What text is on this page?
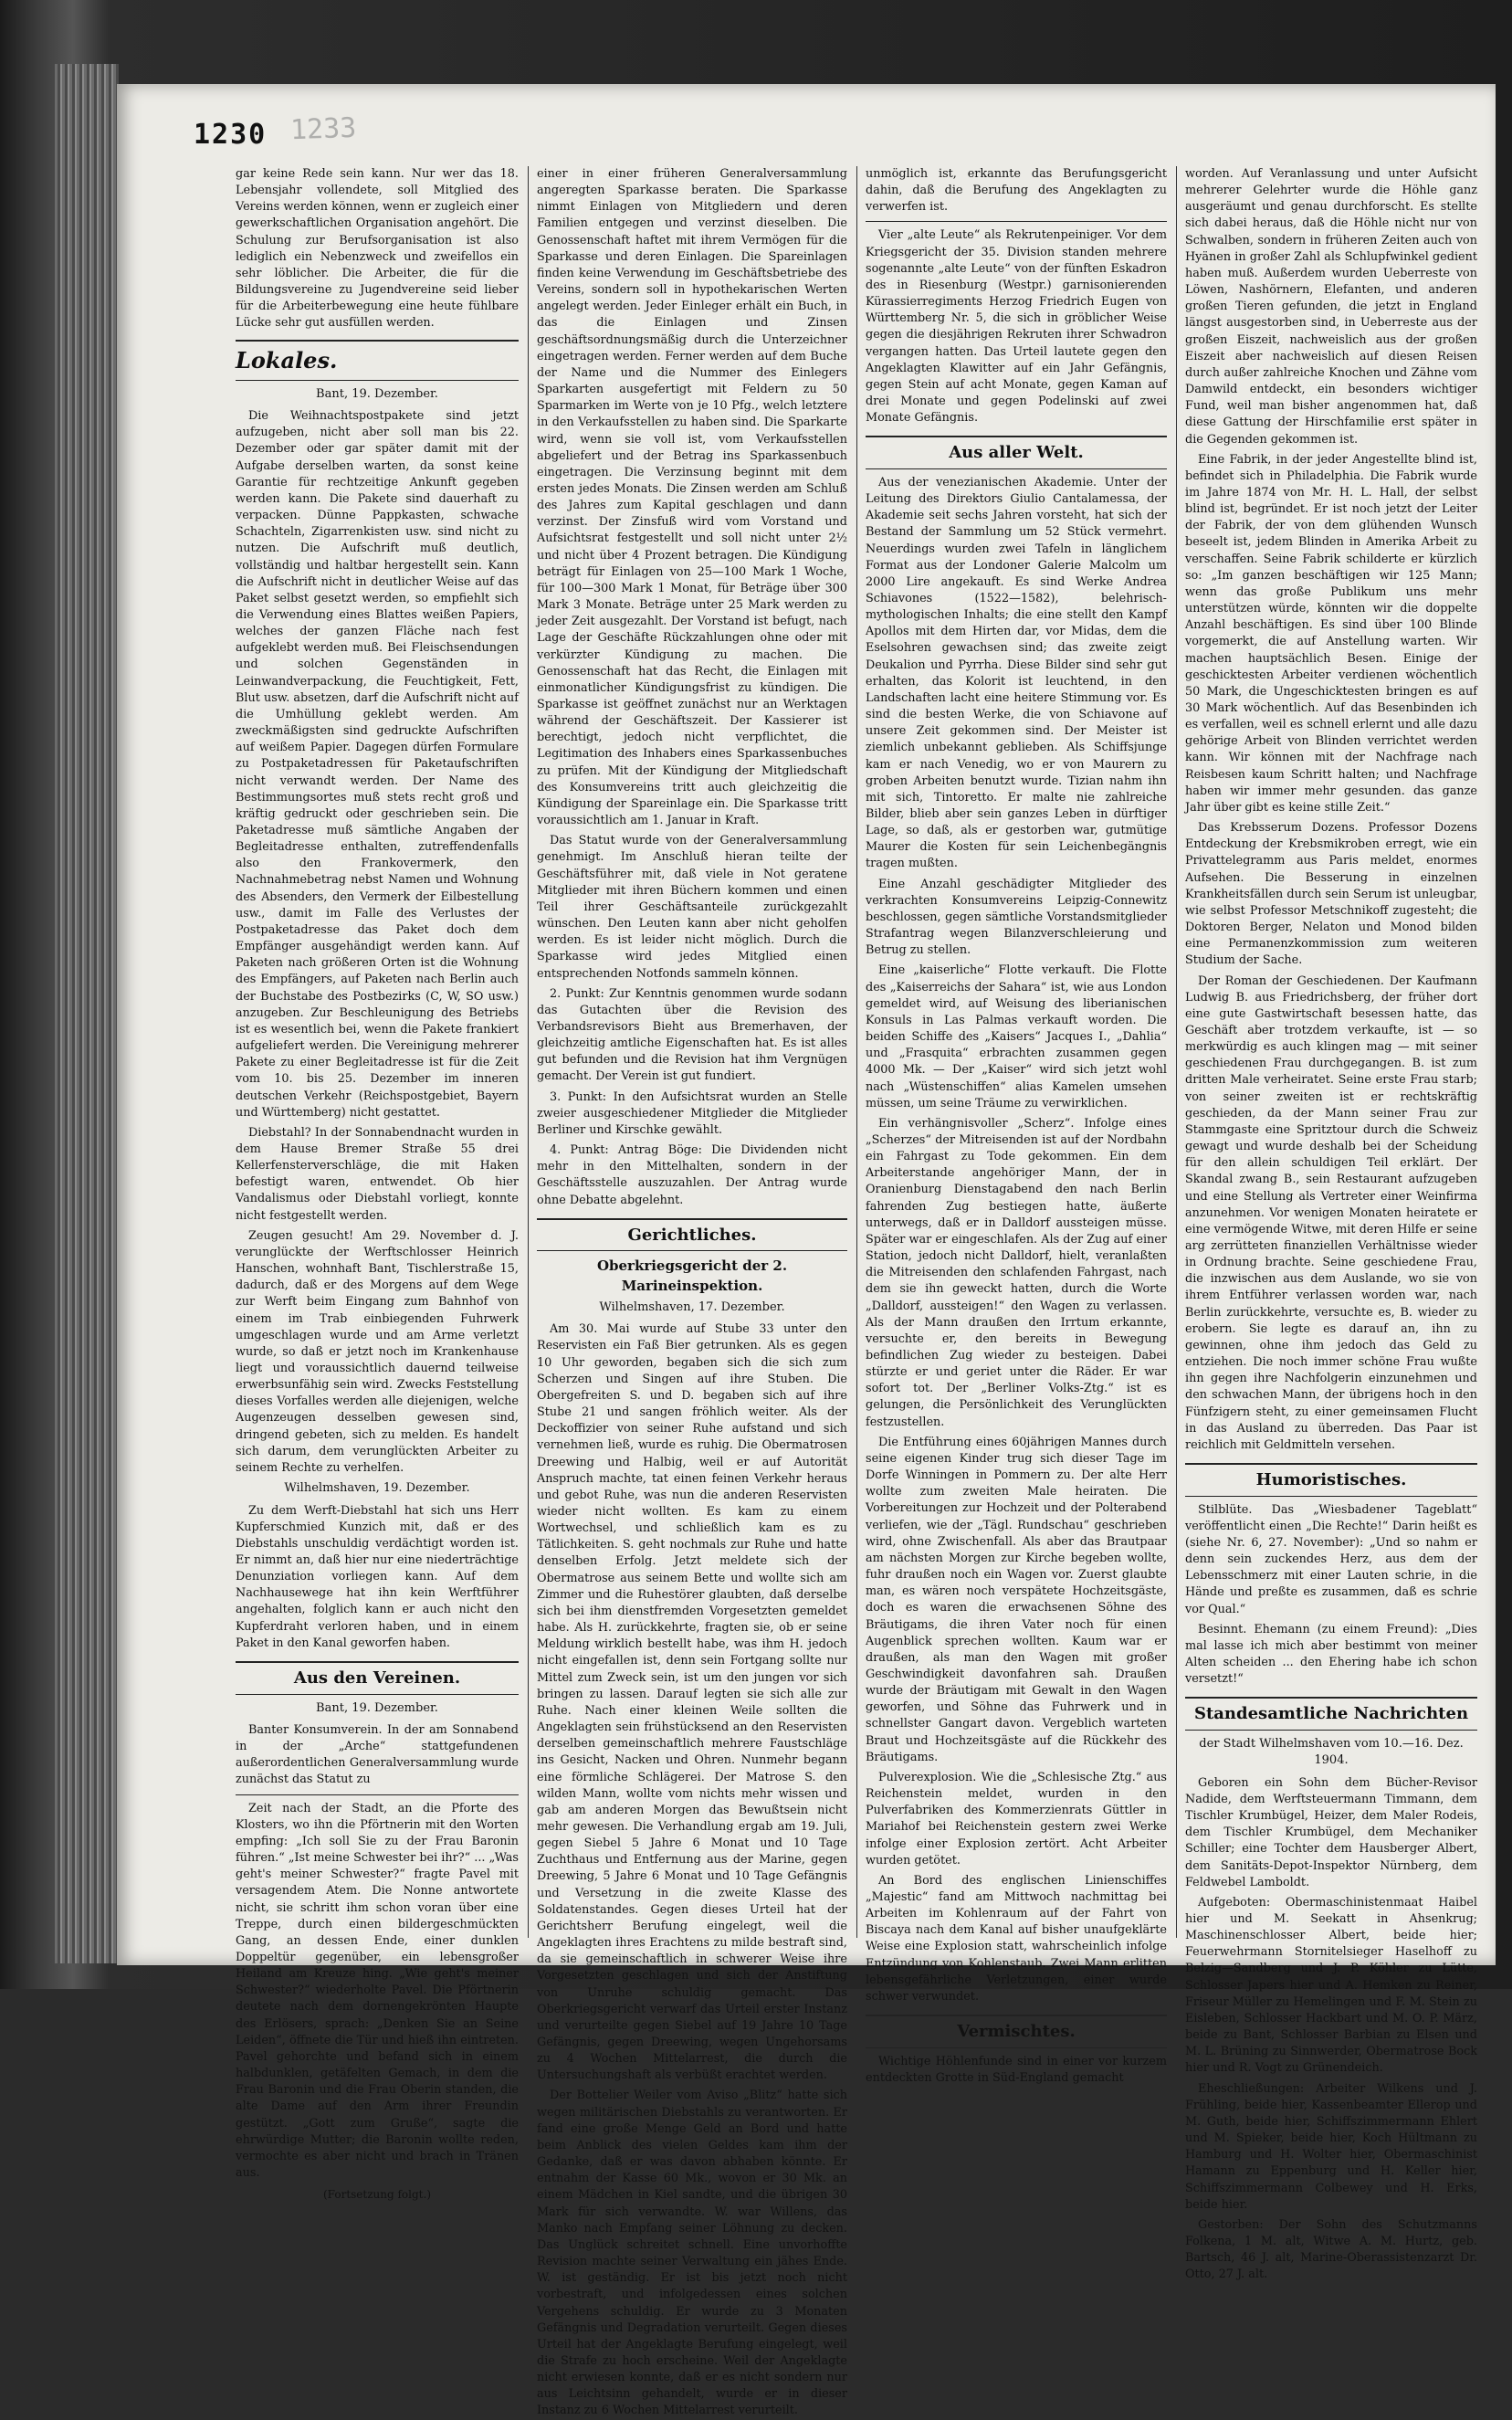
1230 1233

gar keine Rede sein kann. Nur wer das 18. Lebensjahr vollendete, soll Mitglied des Vereins werden können, wenn er zugleich einer gewerkschaftlichen Organisation angehört. Die Schulung zur Berufsorganisation ist also lediglich ein Nebenzweck und zweifellos ein sehr löblicher. Die Arbeiter, die für die Bildungsvereine zu Jugendvereine seid lieber für die Arbeiterbewegung eine heute fühlbare Lücke sehr gut ausfüllen werden.

Lokales.

Bant, 19. Dezember.

Die Weihnachtspostpakete sind jetzt aufzugeben, nicht aber soll man bis 22. Dezember oder gar später damit mit der Aufgabe derselben warten, da sonst keine Garantie für rechtzeitige Ankunft gegeben werden kann. Die Pakete sind dauerhaft zu verpacken. Dünne Pappkasten, schwache Schachteln, Zigarrenkisten usw. sind nicht zu nutzen. Die Aufschrift muß deutlich, vollständig und haltbar hergestellt sein. Kann die Aufschrift nicht in deutlicher Weise auf das Paket selbst gesetzt werden, so empfiehlt sich die Verwendung eines Blattes weißen Papiers, welches der ganzen Fläche nach fest aufgeklebt werden muß. Bei Fleischsendungen und solchen Gegenständen in Leinwandverpackung, die Feuchtigkeit, Fett, Blut usw. absetzen, darf die Aufschrift nicht auf die Umhüllung geklebt werden. Am zweckmäßigsten sind gedruckte Aufschriften auf weißem Papier. Dagegen dürfen Formulare zu Postpaketadressen für Paketaufschriften nicht verwandt werden. Der Name des Bestimmungsortes muß stets recht groß und kräftig gedruckt oder geschrieben sein. Die Paketadresse muß sämtliche Angaben der Begleitadresse enthalten, zutreffendenfalls also den Frankovermerk, den Nachnahmebetrag nebst Namen und Wohnung des Absenders, den Vermerk der Eilbestellung usw., damit im Falle des Verlustes der Postpaketadresse das Paket doch dem Empfänger ausgehändigt werden kann. Auf Paketen nach größeren Orten ist die Wohnung des Empfängers, auf Paketen nach Berlin auch der Buchstabe des Postbezirks (C, W, SO usw.) anzugeben. Zur Beschleunigung des Betriebs ist es wesentlich bei, wenn die Pakete frankiert aufgeliefert werden. Die Vereinigung mehrerer Pakete zu einer Begleitadresse ist für die Zeit vom 10. bis 25. Dezember im inneren deutschen Verkehr (Reichspostgebiet, Bayern und Württemberg) nicht gestattet.

Diebstahl? In der Sonnabendnacht wurden in dem Hause Bremer Straße 55 drei Kellerfensterverschläge, die mit Haken befestigt waren, entwendet. Ob hier Vandalismus oder Diebstahl vorliegt, konnte nicht festgestellt werden.

Zeugen gesucht! Am 29. November d. J. verunglückte der Werftschlosser Heinrich Hanschen, wohnhaft Bant, Tischlerstraße 15, dadurch, daß er des Morgens auf dem Wege zur Werft beim Eingang zum Bahnhof von einem im Trab einbiegenden Fuhrwerk umgeschlagen wurde und am Arme verletzt wurde, so daß er jetzt noch im Krankenhause liegt und voraussichtlich dauernd teilweise erwerbsunfähig sein wird. Zwecks Feststellung dieses Vorfalles werden alle diejenigen, welche Augenzeugen desselben gewesen sind, dringend gebeten, sich zu melden. Es handelt sich darum, dem verunglückten Arbeiter zu seinem Rechte zu verhelfen.

Wilhelmshaven, 19. Dezember.

Zu dem Werft-Diebstahl hat sich uns Herr Kupferschmied Kunzich mit, daß er des Diebstahls unschuldig verdächtigt worden ist. Er nimmt an, daß hier nur eine niederträchtige Denunziation vorliegen kann. Auf dem Nachhausewege hat ihn kein Werftführer angehalten, folglich kann er auch nicht den Kupferdraht verloren haben, und in einem Paket in den Kanal geworfen haben.

Aus den Vereinen.

Bant, 19. Dezember.

Banter Konsumverein. In der am Sonnabend in der „Arche“ stattgefundenen außerordentlichen Generalversammlung wurde zunächst das Statut zu

Zeit nach der Stadt, an die Pforte des Klosters, wo ihn die Pförtnerin mit den Worten empfing: „Ich soll Sie zu der Frau Baronin führen.“ „Ist meine Schwester bei ihr?“ ... „Was geht's meiner Schwester?“ fragte Pavel mit versagendem Atem. Die Nonne antwortete nicht, sie schritt ihm schon voran über eine Treppe, durch einen bildergeschmückten Gang, an dessen Ende, einer dunklen Doppeltür gegenüber, ein lebensgroßer Heiland am Kreuze hing. „Wie geht's meiner Schwester?“ wiederholte Pavel. Die Pförtnerin deutete nach dem dornengekrönten Haupte des Erlösers, sprach: „Denken Sie an Seine Leiden“, öffnete die Tür und hieß ihn eintreten. Pavel gehorchte und befand sich in einem halbdunklen, getäfelten Gemach, in dem die Frau Baronin und die Frau Oberin standen, die alte Dame auf den Arm ihrer Freundin gestützt. „Gott zum Gruße“, sagte die ehrwürdige Mutter; die Baronin wollte reden, vermochte es aber nicht und brach in Tränen aus.

(Fortsetzung folgt.)

einer in einer früheren Generalversammlung angeregten Sparkasse beraten. Die Sparkasse nimmt Einlagen von Mitgliedern und deren Familien entgegen und verzinst dieselben. Die Genossenschaft haftet mit ihrem Vermögen für die Sparkasse und deren Einlagen. Die Spareinlagen finden keine Verwendung im Geschäftsbetriebe des Vereins, sondern soll in hypothekarischen Werten angelegt werden. Jeder Einleger erhält ein Buch, in das die Einlagen und Zinsen geschäftsordnungsmäßig durch die Unterzeichner eingetragen werden. Ferner werden auf dem Buche der Name und die Nummer des Einlegers Sparkarten ausgefertigt mit Feldern zu 50 Sparmarken im Werte von je 10 Pfg., welch letztere in den Verkaufsstellen zu haben sind. Die Sparkarte wird, wenn sie voll ist, vom Verkaufsstellen abgeliefert und der Betrag ins Sparkassenbuch eingetragen. Die Verzinsung beginnt mit dem ersten jedes Monats. Die Zinsen werden am Schluß des Jahres zum Kapital geschlagen und dann verzinst. Der Zinsfuß wird vom Vorstand und Aufsichtsrat festgestellt und soll nicht unter 2½ und nicht über 4 Prozent betragen. Die Kündigung beträgt für Einlagen von 25—100 Mark 1 Woche, für 100—300 Mark 1 Monat, für Beträge über 300 Mark 3 Monate. Beträge unter 25 Mark werden zu jeder Zeit ausgezahlt. Der Vorstand ist befugt, nach Lage der Geschäfte Rückzahlungen ohne oder mit verkürzter Kündigung zu machen. Die Genossenschaft hat das Recht, die Einlagen mit einmonatlicher Kündigungsfrist zu kündigen. Die Sparkasse ist geöffnet zunächst nur an Werktagen während der Geschäftszeit. Der Kassierer ist berechtigt, jedoch nicht verpflichtet, die Legitimation des Inhabers eines Sparkassenbuches zu prüfen. Mit der Kündigung der Mitgliedschaft des Konsumvereins tritt auch gleichzeitig die Kündigung der Spareinlage ein. Die Sparkasse tritt voraussichtlich am 1. Januar in Kraft.

Das Statut wurde von der Generalversammlung genehmigt. Im Anschluß hieran teilte der Geschäftsführer mit, daß viele in Not geratene Mitglieder mit ihren Büchern kommen und einen Teil ihrer Geschäftsanteile zurückgezahlt wünschen. Den Leuten kann aber nicht geholfen werden. Es ist leider nicht möglich. Durch die Sparkasse wird jedes Mitglied einen entsprechenden Notfonds sammeln können.

2. Punkt: Zur Kenntnis genommen wurde sodann das Gutachten über die Revision des Verbandsrevisors Bieht aus Bremerhaven, der gleichzeitig amtliche Eigenschaften hat. Es ist alles gut befunden und die Revision hat ihm Vergnügen gemacht. Der Verein ist gut fundiert.

3. Punkt: In den Aufsichtsrat wurden an Stelle zweier ausgeschiedener Mitglieder die Mitglieder Berliner und Kirschke gewählt.

4. Punkt: Antrag Böge: Die Dividenden nicht mehr in den Mittelhalten, sondern in der Geschäftsstelle auszuzahlen. Der Antrag wurde ohne Debatte abgelehnt.

Gerichtliches.

Oberkriegsgericht der 2. Marineinspektion.

Wilhelmshaven, 17. Dezember.

Am 30. Mai wurde auf Stube 33 unter den Reservisten ein Faß Bier getrunken. Als es gegen 10 Uhr geworden, begaben sich die sich zum Scherzen und Singen auf ihre Stuben. Die Obergefreiten S. und D. begaben sich auf ihre Stube 21 und sangen fröhlich weiter. Als der Deckoffizier von seiner Ruhe aufstand und sich vernehmen ließ, wurde es ruhig. Die Obermatrosen Dreewing und Halbig, weil er auf Autorität Anspruch machte, tat einen feinen Verkehr heraus und gebot Ruhe, was nun die anderen Reservisten wieder nicht wollten. Es kam zu einem Wortwechsel, und schließlich kam es zu Tätlichkeiten. S. geht nochmals zur Ruhe und hatte denselben Erfolg. Jetzt meldete sich der Obermatrose aus seinem Bette und wollte sich am Zimmer und die Ruhestörer glaubten, daß derselbe sich bei ihm dienstfremden Vorgesetzten gemeldet habe. Als H. zurückkehrte, fragten sie, ob er seine Meldung wirklich bestellt habe, was ihm H. jedoch nicht eingefallen ist, denn sein Fortgang sollte nur Mittel zum Zweck sein, ist um den jungen vor sich bringen zu lassen. Darauf legten sie sich alle zur Ruhe. Nach einer kleinen Weile sollten die Angeklagten sein frühstücksend an den Reservisten derselben gemeinschaftlich mehrere Faustschläge ins Gesicht, Nacken und Ohren. Nunmehr begann eine förmliche Schlägerei. Der Matrose S. den wilden Mann, wollte vom nichts mehr wissen und gab am anderen Morgen das Bewußtsein nicht mehr gewesen. Die Verhandlung ergab am 19. Juli, gegen Siebel 5 Jahre 6 Monat und 10 Tage Zuchthaus und Entfernung aus der Marine, gegen Dreewing, 5 Jahre 6 Monat und 10 Tage Gefängnis und Versetzung in die zweite Klasse des Soldatenstandes. Gegen dieses Urteil hat der Gerichtsherr Berufung eingelegt, weil die Angeklagten ihres Erachtens zu milde bestraft sind, da sie gemeinschaftlich in schwerer Weise ihre Vorgesetzten geschlagen und sich der Anstiftung von Unruhe schuldig gemacht. Das Oberkriegsgericht verwarf das Urteil erster Instanz und verurteilte gegen Siebel auf 19 Jahre 10 Tage Gefängnis, gegen Dreewing, wegen Ungehorsams zu 4 Wochen Mittelarrest, die durch die Untersuchungshaft als verbüßt erachtet werden.

Der Bottelier Weiler vom Aviso „Blitz“ hatte sich wegen militärischen Diebstahls zu verantworten. Er fand eine große Menge Geld an Bord und hatte beim Anblick des vielen Geldes kam ihm der Gedanke, daß er was davon abhaben könnte. Er entnahm der Kasse 60 Mk., wovon er 30 Mk. an einem Mädchen in Kiel sandte, und die übrigen 30 Mark für sich verwandte. W. war Willens, das Manko nach Empfang seiner Löhnung zu decken. Das Unglück schreitet schnell. Eine unvorhoffte Revision machte seiner Verwaltung ein jähes Ende. W. ist geständig. Er ist bis jetzt noch nicht vorbestraft, und infolgedessen eines solchen Vergehens schuldig. Er wurde zu 3 Monaten Gefängnis und Degradation verurteilt. Gegen dieses Urteil hat der Angeklagte Berufung eingelegt, weil die Strafe zu hoch erscheine. Weil der Angeklagte nicht erwiesen konnte, daß er es nicht sondern nur aus Leichtsinn gehandelt, wurde er in dieser Instanz zu 6 Wochen Mittelarrest verurteilt.

unmöglich ist, erkannte das Berufungsgericht dahin, daß die Berufung des Angeklagten zu verwerfen ist.

Vier „alte Leute“ als Rekrutenpeiniger. Vor dem Kriegsgericht der 35. Division standen mehrere sogenannte „alte Leute“ von der fünften Eskadron des in Riesenburg (Westpr.) garnisonierenden Kürassierregiments Herzog Friedrich Eugen von Württemberg Nr. 5, die sich in gröblicher Weise gegen die diesjährigen Rekruten ihrer Schwadron vergangen hatten. Das Urteil lautete gegen den Angeklagten Klawitter auf ein Jahr Gefängnis, gegen Stein auf acht Monate, gegen Kaman auf drei Monate und gegen Podelinski auf zwei Monate Gefängnis.

Aus aller Welt.

Aus der venezianischen Akademie. Unter der Leitung des Direktors Giulio Cantalamessa, der Akademie seit sechs Jahren vorsteht, hat sich der Bestand der Sammlung um 52 Stück vermehrt. Neuerdings wurden zwei Tafeln in länglichem Format aus der Londoner Galerie Malcolm um 2000 Lire angekauft. Es sind Werke Andrea Schiavones (1522—1582), belehrisch-mythologischen Inhalts; die eine stellt den Kampf Apollos mit dem Hirten dar, vor Midas, dem die Eselsohren gewachsen sind; das zweite zeigt Deukalion und Pyrrha. Diese Bilder sind sehr gut erhalten, das Kolorit ist leuchtend, in den Landschaften lacht eine heitere Stimmung vor. Es sind die besten Werke, die von Schiavone auf unsere Zeit gekommen sind. Der Meister ist ziemlich unbekannt geblieben. Als Schiffsjunge kam er nach Venedig, wo er von Maurern zu groben Arbeiten benutzt wurde. Tizian nahm ihn mit sich, Tintoretto. Er malte nie zahlreiche Bilder, blieb aber sein ganzes Leben in dürftiger Lage, so daß, als er gestorben war, gutmütige Maurer die Kosten für sein Leichenbegängnis tragen mußten.

Eine Anzahl geschädigter Mitglieder des verkrachten Konsumvereins Leipzig-Connewitz beschlossen, gegen sämtliche Vorstandsmitglieder Strafantrag wegen Bilanzverschleierung und Betrug zu stellen.

Eine „kaiserliche“ Flotte verkauft. Die Flotte des „Kaiserreichs der Sahara“ ist, wie aus London gemeldet wird, auf Weisung des liberianischen Konsuls in Las Palmas verkauft worden. Die beiden Schiffe des „Kaisers“ Jacques I., „Dahlia“ und „Frasquita“ erbrachten zusammen gegen 4000 Mk. — Der „Kaiser“ wird sich jetzt wohl nach „Wüstenschiffen“ alias Kamelen umsehen müssen, um seine Träume zu verwirklichen.

Ein verhängnisvoller „Scherz“. Infolge eines „Scherzes“ der Mitreisenden ist auf der Nordbahn ein Fahrgast zu Tode gekommen. Ein dem Arbeiterstande angehöriger Mann, der in Oranienburg Dienstagabend den nach Berlin fahrenden Zug bestiegen hatte, äußerte unterwegs, daß er in Dalldorf aussteigen müsse. Später war er eingeschlafen. Als der Zug auf einer Station, jedoch nicht Dalldorf, hielt, veranlaßten die Mitreisenden den schlafenden Fahrgast, nach dem sie ihn geweckt hatten, durch die Worte „Dalldorf, aussteigen!“ den Wagen zu verlassen. Als der Mann draußen den Irrtum erkannte, versuchte er, den bereits in Bewegung befindlichen Zug wieder zu besteigen. Dabei stürzte er und geriet unter die Räder. Er war sofort tot. Der „Berliner Volks-Ztg.“ ist es gelungen, die Persönlichkeit des Verunglückten festzustellen.

Die Entführung eines 60jährigen Mannes durch seine eigenen Kinder trug sich dieser Tage im Dorfe Winningen in Pommern zu. Der alte Herr wollte zum zweiten Male heiraten. Die Vorbereitungen zur Hochzeit und der Polterabend verliefen, wie der „Tägl. Rundschau“ geschrieben wird, ohne Zwischenfall. Als aber das Brautpaar am nächsten Morgen zur Kirche begeben wollte, fuhr draußen noch ein Wagen vor. Zuerst glaubte man, es wären noch verspätete Hochzeitsgäste, doch es waren die erwachsenen Söhne des Bräutigams, die ihren Vater noch für einen Augenblick sprechen wollten. Kaum war er draußen, als man den Wagen mit großer Geschwindigkeit davonfahren sah. Draußen wurde der Bräutigam mit Gewalt in den Wagen geworfen, und Söhne das Fuhrwerk und in schnellster Gangart davon. Vergeblich warteten Braut und Hochzeitsgäste auf die Rückkehr des Bräutigams.

Pulverexplosion. Wie die „Schlesische Ztg.“ aus Reichenstein meldet, wurden in den Pulverfabriken des Kommerzienrats Güttler in Mariahof bei Reichenstein gestern zwei Werke infolge einer Explosion zertört. Acht Arbeiter wurden getötet.

An Bord des englischen Linienschiffes „Majestic“ fand am Mittwoch nachmittag bei Arbeiten im Kohlenraum auf der Fahrt von Biscaya nach dem Kanal auf bisher unaufgeklärte Weise eine Explosion statt, wahrscheinlich infolge Entzündung von Kohlenstaub. Zwei Mann erlitten lebensgefährliche Verletzungen, einer wurde schwer verwundet.

Vermischtes.

Wichtige Höhlenfunde sind in einer vor kurzem entdeckten Grotte in Süd-England gemacht

worden. Auf Veranlassung und unter Aufsicht mehrerer Gelehrter wurde die Höhle ganz ausgeräumt und genau durchforscht. Es stellte sich dabei heraus, daß die Höhle nicht nur von Schwalben, sondern in früheren Zeiten auch von Hyänen in großer Zahl als Schlupfwinkel gedient haben muß. Außerdem wurden Ueberreste von Löwen, Nashörnern, Elefanten, und anderen großen Tieren gefunden, die jetzt in England längst ausgestorben sind, in Ueberreste aus der großen Eiszeit, nachweislich aus der großen Eiszeit aber nachweislich auf diesen Reisen durch außer zahlreiche Knochen und Zähne vom Damwild entdeckt, ein besonders wichtiger Fund, weil man bisher angenommen hat, daß diese Gattung der Hirschfamilie erst später in die Gegenden gekommen ist.

Eine Fabrik, in der jeder Angestellte blind ist, befindet sich in Philadelphia. Die Fabrik wurde im Jahre 1874 von Mr. H. L. Hall, der selbst blind ist, begründet. Er ist noch jetzt der Leiter der Fabrik, der von dem glühenden Wunsch beseelt ist, jedem Blinden in Amerika Arbeit zu verschaffen. Seine Fabrik schilderte er kürzlich so: „Im ganzen beschäftigen wir 125 Mann; wenn das große Publikum uns mehr unterstützen würde, könnten wir die doppelte Anzahl beschäftigen. Es sind über 100 Blinde vorgemerkt, die auf Anstellung warten. Wir machen hauptsächlich Besen. Einige der geschicktesten Arbeiter verdienen wöchentlich 50 Mark, die Ungeschicktesten bringen es auf 30 Mark wöchentlich. Auf das Besenbinden ich es verfallen, weil es schnell erlernt und alle dazu gehörige Arbeit von Blinden verrichtet werden kann. Wir können mit der Nachfrage nach Reisbesen kaum Schritt halten; und Nachfrage haben wir immer mehr gesunden. das ganze Jahr über gibt es keine stille Zeit.“

Das Krebsserum Dozens. Professor Dozens Entdeckung der Krebsmikroben erregt, wie ein Privattelegramm aus Paris meldet, enormes Aufsehen. Die Besserung in einzelnen Krankheitsfällen durch sein Serum ist unleugbar, wie selbst Professor Metschnikoff zugesteht; die Doktoren Berger, Nelaton und Monod bilden eine Permanenzkommission zum weiteren Studium der Sache.

Der Roman der Geschiedenen. Der Kaufmann Ludwig B. aus Friedrichsberg, der früher dort eine gute Gastwirtschaft besessen hatte, das Geschäft aber trotzdem verkaufte, ist — so merkwürdig es auch klingen mag — mit seiner geschiedenen Frau durchgegangen. B. ist zum dritten Male verheiratet. Seine erste Frau starb; von seiner zweiten ist er rechtskräftig geschieden, da der Mann seiner Frau zur Stammgaste eine Spritztour durch die Schweiz gewagt und wurde deshalb bei der Scheidung für den allein schuldigen Teil erklärt. Der Skandal zwang B., sein Restaurant aufzugeben und eine Stellung als Vertreter einer Weinfirma anzunehmen. Vor wenigen Monaten heiratete er eine vermögende Witwe, mit deren Hilfe er seine arg zerrütteten finanziellen Verhältnisse wieder in Ordnung brachte. Seine geschiedene Frau, die inzwischen aus dem Auslande, wo sie von ihrem Entführer verlassen worden war, nach Berlin zurückkehrte, versuchte es, B. wieder zu erobern. Sie legte es darauf an, ihn zu gewinnen, ohne ihm jedoch das Geld zu entziehen. Die noch immer schöne Frau wußte ihn gegen ihre Nachfolgerin einzunehmen und den schwachen Mann, der übrigens hoch in den Fünfzigern steht, zu einer gemeinsamen Flucht in das Ausland zu überreden. Das Paar ist reichlich mit Geldmitteln versehen.

Humoristisches.

Stilblüte. Das „Wiesbadener Tageblatt“ veröffentlicht einen „Die Rechte!“ Darin heißt es (siehe Nr. 6, 27. November): „Und so nahm er denn sein zuckendes Herz, aus dem der Lebensschmerz mit einer Lauten schrie, in die Hände und preßte es zusammen, daß es schrie vor Qual.“

Besinnt. Ehemann (zu einem Freund): „Dies mal lasse ich mich aber bestimmt von meiner Alten scheiden ... den Ehering habe ich schon versetzt!“

Standesamtliche Nachrichten

der Stadt Wilhelmshaven vom 10.—16. Dez. 1904.

Geboren ein Sohn dem Bücher-Revisor Nadide, dem Werftsteuermann Timmann, dem Tischler Krumbügel, Heizer, dem Maler Rodeis, dem Tischler Krumbügel, dem Mechaniker Schiller; eine Tochter dem Hausberger Albert, dem Sanitäts-Depot-Inspektor Nürnberg, dem Feldwebel Lamboldt.

Aufgeboten: Obermaschinistenmaat Haibel hier und M. Seekatt in Ahsenkrug; Maschinenschlosser Albert, beide hier; Feuerwehrmann Stornitelsieger Haselhoff zu Belzig—Sandberg und J. P. Köhler zu Lütte, Schlosser Japers hier und A. Hemken zu Reiner, Friseur Müller zu Hemelingen und F. M. Stein zu Eisleben, Schlosser Hackbart und M. O. P. März, beide zu Bant, Schlosser Barbian zu Elsen und M. L. Brüning zu Sinnwerder, Obermatrose Bock hier und R. Vogt zu Grünendeich.

Eheschließungen: Arbeiter Wilkens und J. Frühling, beide hier, Kassenbeamter Ellerop und M. Guth, beide hier, Schiffszimmermann Ehlert und M. Spieker, beide hier, Koch Hültmann zu Hamburg und H. Wolter hier, Obermaschinist Hamann zu Eppenburg und H. Keller hier, Schiffszimmermann Colbewey und H. Erks, beide hier.

Gestorben: Der Sohn des Schutzmanns Folkena, 1 M. alt, Witwe A. M. Hurtz, geb. Bartsch, 46 J. alt, Marine-Oberassistenzarzt Dr. Otto, 27 J. alt.
